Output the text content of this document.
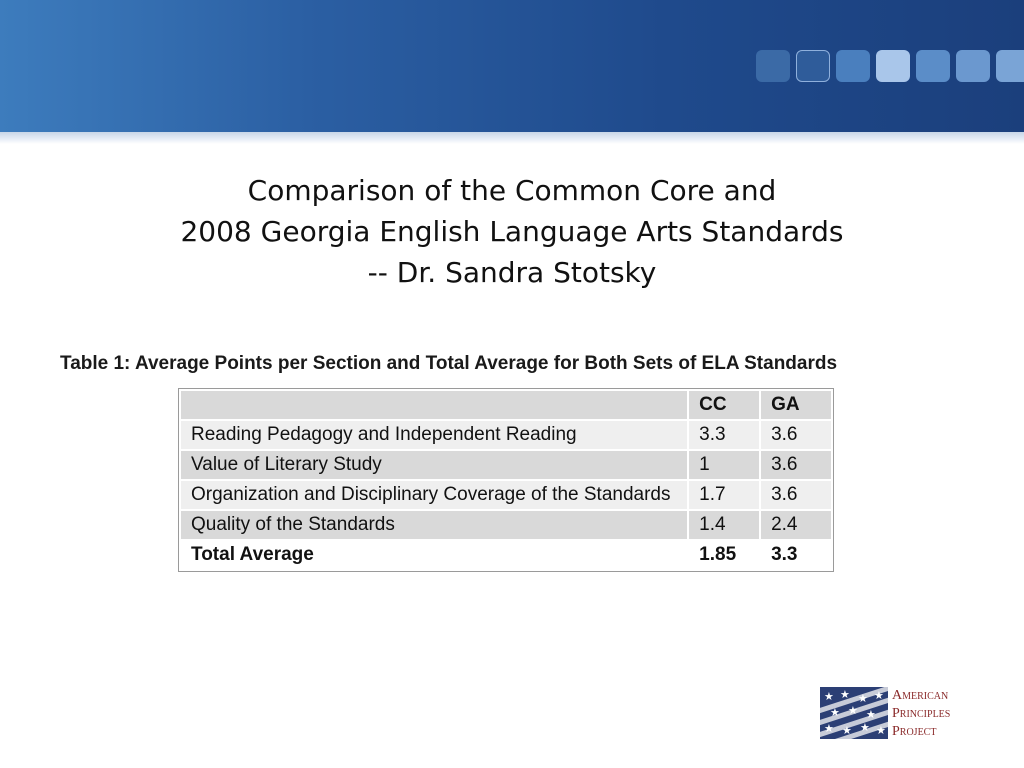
Comparison of the Common Core and
2008 Georgia English Language Arts Standards
-- Dr. Sandra Stotsky
Table 1: Average Points per Section and Total Average for Both Sets of ELA Standards
	CC	GA
Reading Pedagogy and Independent Reading	3.3	3.6
Value of Literary Study	1	3.6
Organization and Disciplinary Coverage of the Standards	1.7	3.6
Quality of the Standards	1.4	2.4
Total Average	1.85	3.3
★ ★ ★ ★
★ ★ ★
★ ★ ★ ★
American
Principles
Project
